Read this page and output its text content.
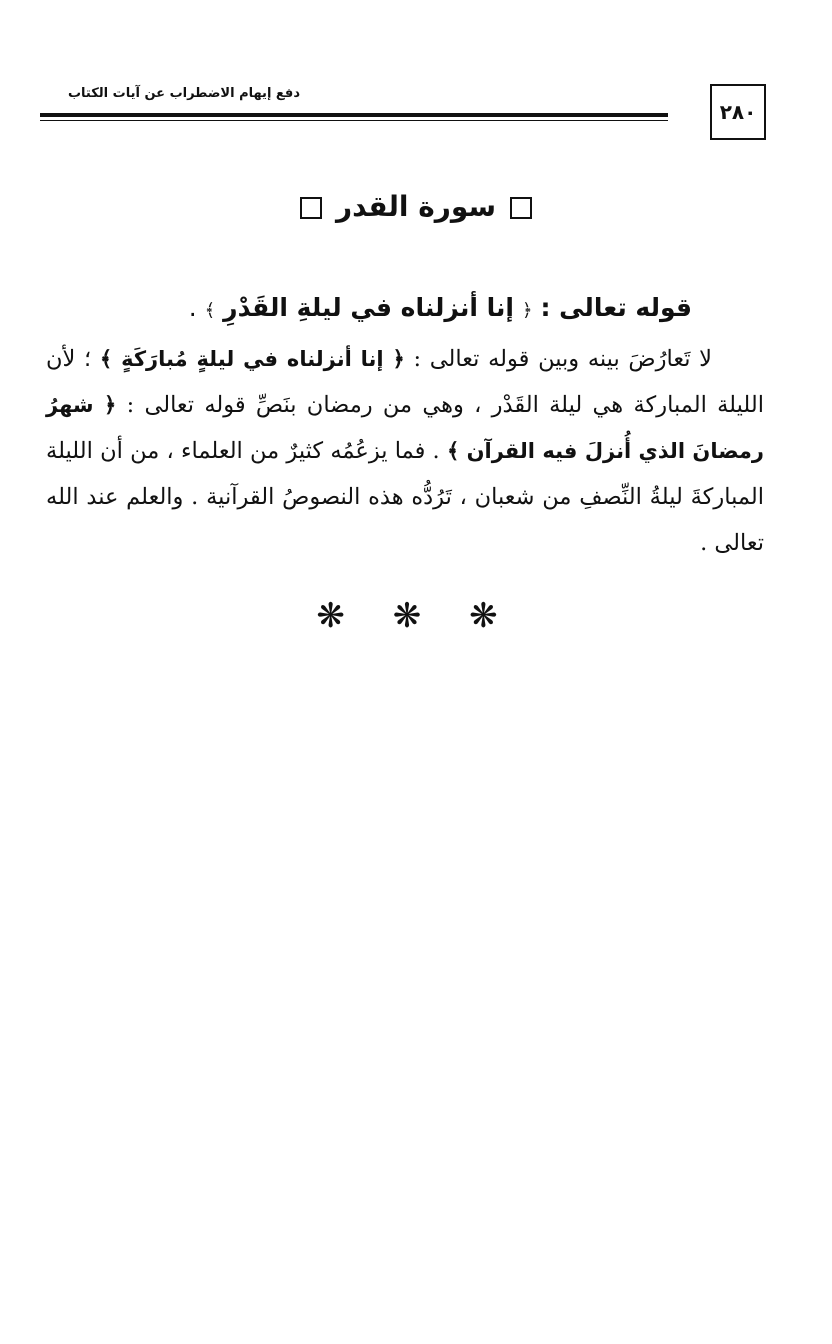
٢٨٠
دفع إيهام الاضطراب عن آيات الكتاب
سورة القدر
قوله تعالى : ﴿ إنا أنزلناه في ليلةِ القَدْرِ ﴾ .
لا تَعارُضَ بينه وبين قوله تعالى : ﴿ إنا أنزلناه في ليلةٍ مُبارَكَةٍ ﴾ ؛ لأن الليلة المباركة هي ليلة القَدْر ، وهي من رمضان بنَصِّ قوله تعالى : ﴿ شهرُ رمضانَ الذي أُنزلَ فيه القرآن ﴾ . فما يزعُمُه كثيرٌ من العلماء ، من أن الليلة المباركةَ ليلةُ النِّصفِ من شعبان ، تَرُدُّه هذه النصوصُ القرآنية . والعلم عند الله تعالى .
❋ ❋ ❋
